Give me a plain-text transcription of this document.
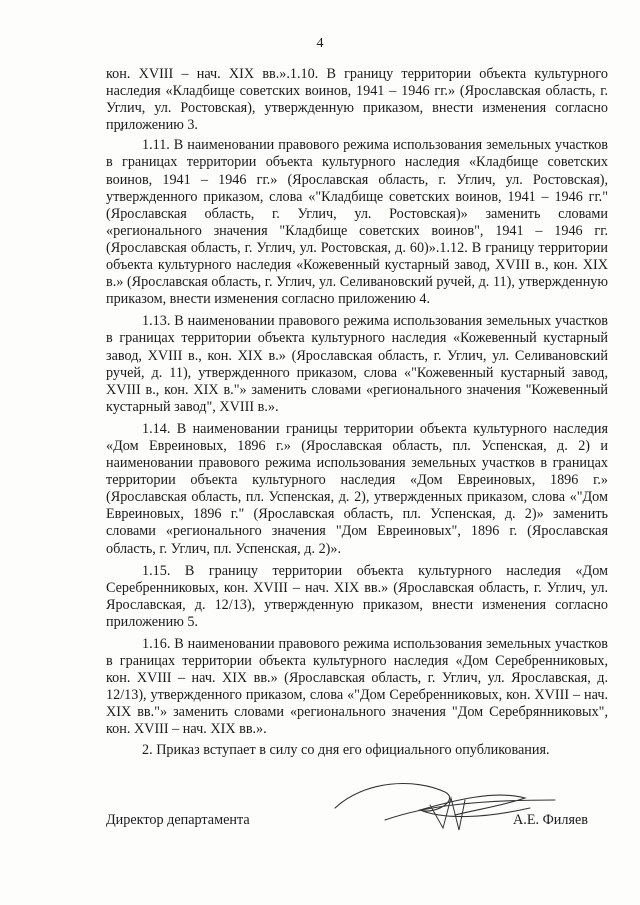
4

кон. XVIII – нач. XIX вв.».1.10. В границу территории объекта культурного наследия «Кладбище советских воинов, 1941 – 1946 гг.» (Ярославская область, г. Углич, ул. Ростовская), утвержденную приказом, внести изменения согласно приложению 3.

1.11. В наименовании правового режима использования земельных участков в границах территории объекта культурного наследия «Кладбище советских воинов, 1941 – 1946 гг.» (Ярославская область, г. Углич, ул. Ростовская), утвержденного приказом, слова «"Кладбище советских воинов, 1941 – 1946 гг." (Ярославская область, г. Углич, ул. Ростовская)» заменить словами «регионального значения "Кладбище советских воинов", 1941 – 1946 гг. (Ярославская область, г. Углич, ул. Ростовская, д. 60)».1.12. В границу территории объекта культурного наследия «Кожевенный кустарный завод, XVIII в., кон. XIX в.» (Ярославская область, г. Углич, ул. Селивановский ручей, д. 11), утвержденную приказом, внести изменения согласно приложению 4.

1.13. В наименовании правового режима использования земельных участков в границах территории объекта культурного наследия «Кожевенный кустарный завод, XVIII в., кон. XIX в.» (Ярославская область, г. Углич, ул. Селивановский ручей, д. 11), утвержденного приказом, слова «"Кожевенный кустарный завод, XVIII в., кон. XIX в."» заменить словами «регионального значения "Кожевенный кустарный завод", XVIII в.».

1.14. В наименовании границы территории объекта культурного наследия «Дом Евреиновых, 1896 г.» (Ярославская область, пл. Успенская, д. 2) и наименовании правового режима использования земельных участков в границах территории объекта культурного наследия «Дом Евреиновых, 1896 г.» (Ярославская область, пл. Успенская, д. 2), утвержденных приказом, слова «"Дом Евреиновых, 1896 г." (Ярославская область, пл. Успенская, д. 2)» заменить словами «регионального значения "Дом Евреиновых", 1896 г. (Ярославская область, г. Углич, пл. Успенская, д. 2)».

1.15. В границу территории объекта культурного наследия «Дом Серебренниковых, кон. XVIII – нач. XIX вв.» (Ярославская область, г. Углич, ул. Ярославская, д. 12/13), утвержденную приказом, внести изменения согласно приложению 5.

1.16. В наименовании правового режима использования земельных участков в границах территории объекта культурного наследия «Дом Серебренниковых, кон. XVIII – нач. XIX вв.» (Ярославская область, г. Углич, ул. Ярославская, д. 12/13), утвержденного приказом, слова «"Дом Серебренниковых, кон. XVIII – нач. XIX вв."» заменить словами «регионального значения "Дом Серебрянниковых", кон. XVIII – нач. XIX вв.».

2. Приказ вступает в силу со дня его официального опубликования.

Директор департамента	А.Е. Филяев
